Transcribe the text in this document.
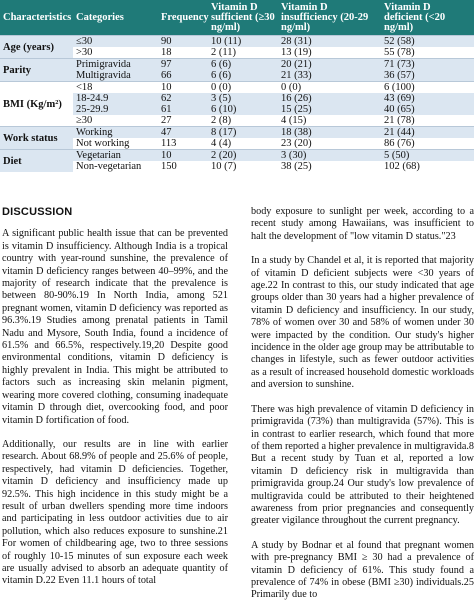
Characteristics	Categories	Frequency	Vitamin D sufficient (≥30 ng/ml)	Vitamin D insufficiency (20-29 ng/ml)	Vitamin D deficient (<20 ng/ml)
Age (years)	≤30	90	10 (11)	28 (31)	52 (58)
	>30	18	2 (11)	13 (19)	55 (78)
Parity	Primigravida	97	6 (6)	20 (21)	71 (73)
	Multigravida	66	6 (6)	21 (33)	36 (57)
BMI (Kg/m²)	<18	10	0 (0)	0 (0)	6 (100)
	18-24.9	62	3 (5)	16 (26)	43 (69)
	25-29.9	61	6 (10)	15 (25)	40 (65)
	≥30	27	2 (8)	4 (15)	21 (78)
Work status	Working	47	8 (17)	18 (38)	21 (44)
	Not working	113	4 (4)	23 (20)	86 (76)
Diet	Vegetarian	10	2 (20)	3 (30)	5 (50)
	Non-vegetarian	150	10 (7)	38 (25)	102 (68)
DISCUSSION

A significant public health issue that can be prevented is vitamin D insufficiency. Although India is a tropical country with year-round sunshine, the prevalence of vitamin D deficiency ranges between 40–99%, and the majority of research indicate that the prevalence is between 80-90%.19 In North India, among 521 pregnant women, vitamin D deficiency was reported as 96.3%.19 Studies among prenatal patients in Tamil Nadu and Mysore, South India, found a incidence of 61.5% and 66.5%, respectively.19,20 Despite good environmental conditions, vitamin D deficiency is highly prevalent in India. This might be attributed to factors such as increasing skin melanin pigment, wearing more covered clothing, consuming inadequate vitamin D through diet, overcooking food, and poor vitamin D fortification of food.

Additionally, our results are in line with earlier research. About 68.9% of people and 25.6% of people, respectively, had vitamin D deficiencies. Together, vitamin D deficiency and insufficiency made up 92.5%. This high incidence in this study might be a result of urban dwellers spending more time indoors and participating in less outdoor activities due to air pollution, which also reduces exposure to sunshine.21 For women of childbearing age, two to three sessions of roughly 10-15 minutes of sun exposure each week are usually advised to absorb an adequate quantity of vitamin D.22 Even 11.1 hours of total

body exposure to sunlight per week, according to a recent study among Hawaiians, was insufficient to halt the development of "low vitamin D status."23

In a study by Chandel et al, it is reported that majority of vitamin D deficient subjects were <30 years of age.22 In contrast to this, our study indicated that age groups older than 30 years had a higher prevalence of vitamin D deficiency and insufficiency. In our study, 78% of women over 30 and 58% of women under 30 were impacted by the condition. Our study's higher incidence in the older age group may be attributable to changes in lifestyle, such as fewer outdoor activities as a result of increased household domestic workloads and aversion to sunshine.

There was high prevalence of vitamin D deficiency in primigravida (73%) than multigravida (57%). This is in contrast to earlier research, which found that more of them reported a higher prevalence in multigravida.8 But a recent study by Tuan et al, reported a low vitamin D deficiency risk in multigravida than primigravida group.24 Our study's low prevalence of multigravida could be attributed to their heightened awareness from prior pregnancies and consequently greater vigilance throughout the current pregnancy.

A study by Bodnar et al found that pregnant women with pre-pregnancy BMI ≥ 30 had a prevalence of vitamin D deficiency of 61%. This study found a prevalence of 74% in obese (BMI ≥30) individuals.25 Primarily due to
